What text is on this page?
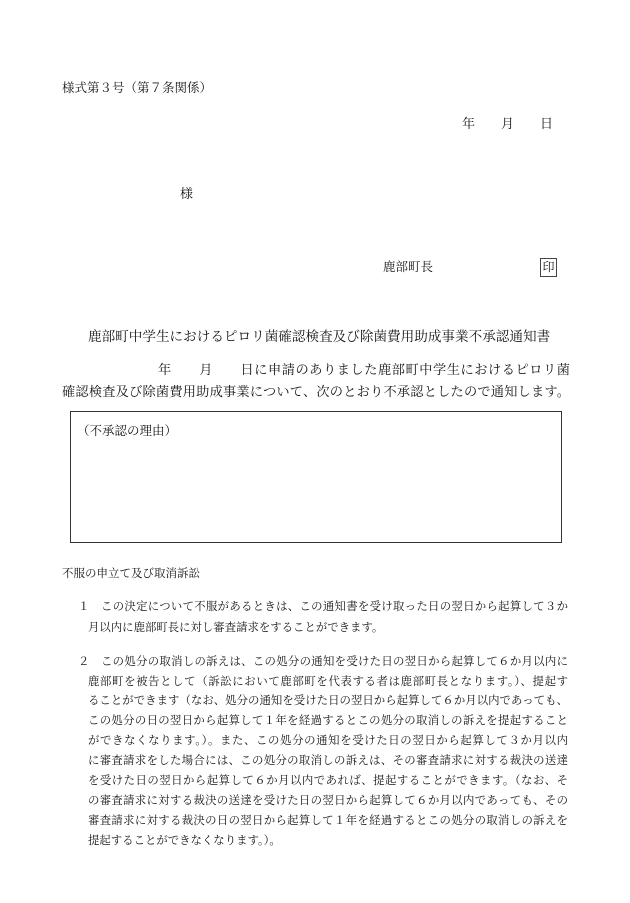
様式第３号（第７条関係）
年　　月　　日
様
鹿部町長	印
鹿部町中学生におけるピロリ菌確認検査及び除菌費用助成事業不承認通知書
年　　月　　日に申請のありました鹿部町中学生におけるピロリ菌
確認検査及び除菌費用助成事業について、次のとおり不承認としたので通知します。
（不承認の理由）
不服の申立て及び取消訴訟
１ この決定について不服があるときは、この通知書を受け取った日の翌日から起算して３か
月以内に鹿部町長に対し審査請求をすることができます。
２ この処分の取消しの訴えは、この処分の通知を受けた日の翌日から起算して６か月以内に
鹿部町を被告として（訴訟において鹿部町を代表する者は鹿部町長となります。）、提起す
ることができます（なお、処分の通知を受けた日の翌日から起算して６か月以内であっても、
この処分の日の翌日から起算して１年を経過するとこの処分の取消しの訴えを提起すること
ができなくなります。）。また、この処分の通知を受けた日の翌日から起算して３か月以内
に審査請求をした場合には、この処分の取消しの訴えは、その審査請求に対する裁決の送達
を受けた日の翌日から起算して６か月以内であれば、提起することができます。（なお、そ
の審査請求に対する裁決の送達を受けた日の翌日から起算して６か月以内であっても、その
審査請求に対する裁決の日の翌日から起算して１年を経過するとこの処分の取消しの訴えを
提起することができなくなります。）。
